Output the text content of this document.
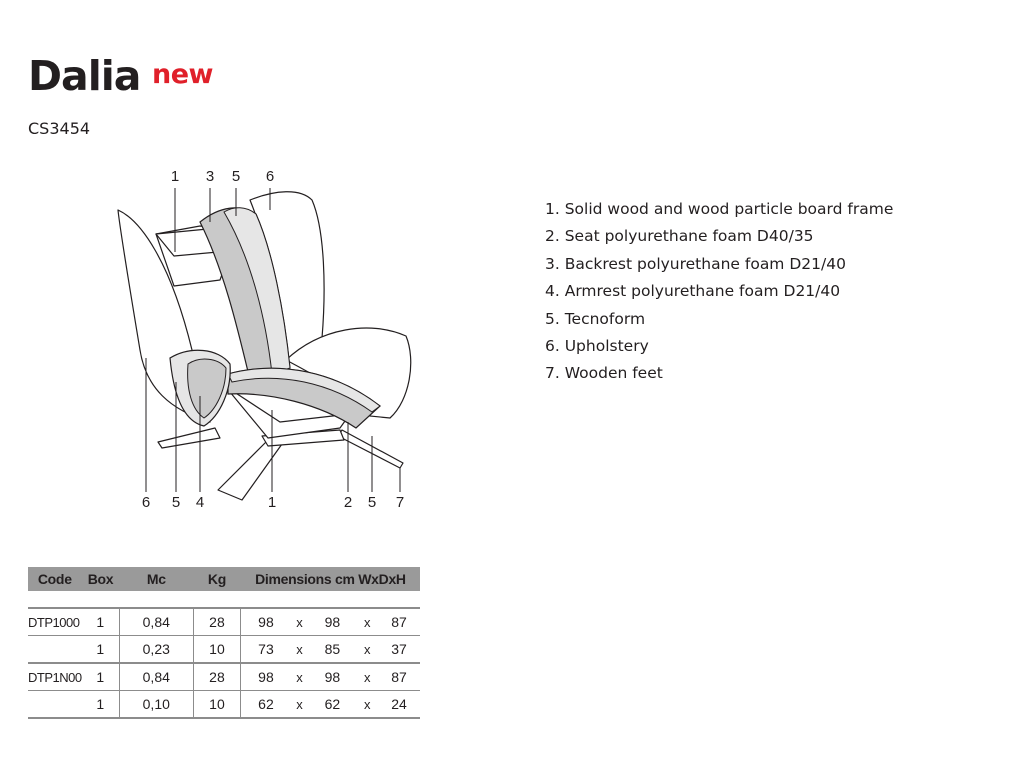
Dalia new
CS3454
1 3 5 6
6 5 4	1	2 5 7
1. Solid wood and wood particle board frame
2. Seat polyurethane foam D40/35
3. Backrest polyurethane foam D21/40
4. Armrest polyurethane foam D21/40
5. Tecnoform
6. Upholstery
7. Wooden feet
Code	Box	Mc	Kg	Dimensions cm WxDxH				

DTP1000	1	0,84	28	98	x	98	x	87
	1	0,23	10	73	x	85	x	37
DTP1N00	1	0,84	28	98	x	98	x	87
	1	0,10	10	62	x	62	x	24
